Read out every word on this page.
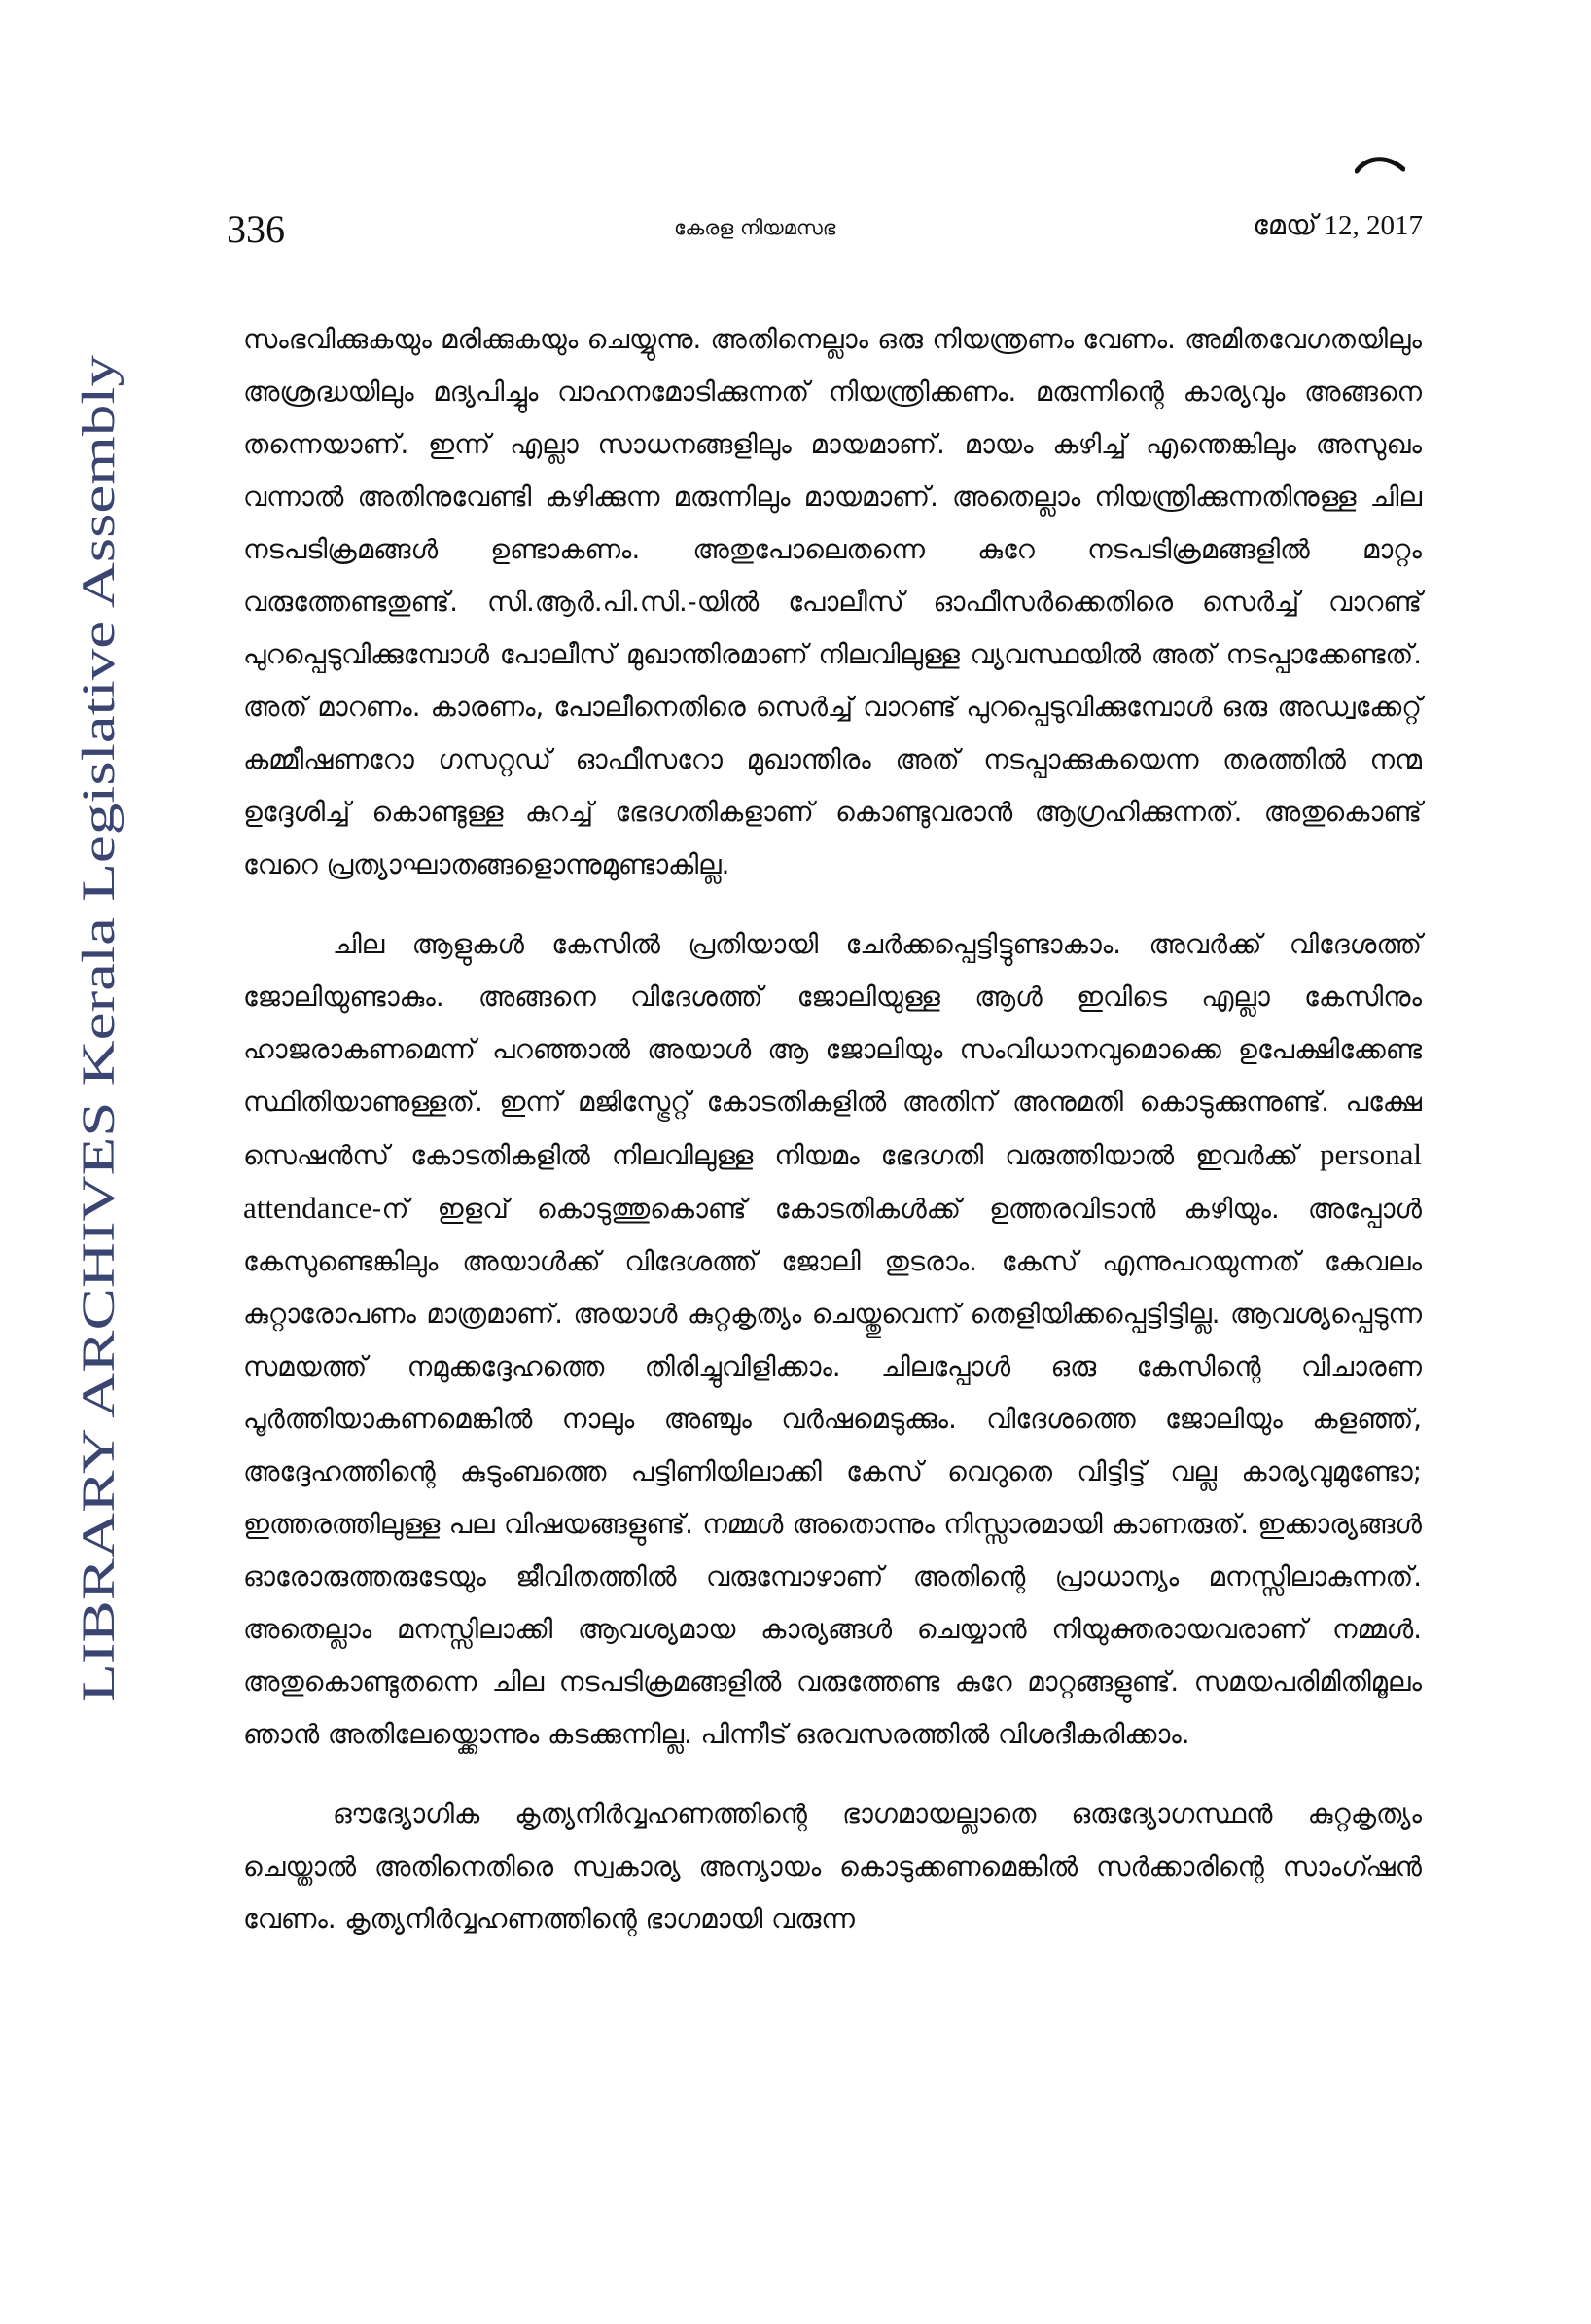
336	കേരള നിയമസഭ	മേയ് 12, 2017
LIBRARY ARCHIVES Kerala Legislative Assembly

സംഭവിക്കുകയും മരിക്കുകയും ചെയ്യുന്നു. അതിനെല്ലാം ഒരു നിയന്ത്രണം വേണം. അമിതവേഗതയിലും അശ്രദ്ധയിലും മദ്യപിച്ചും വാഹനമോടിക്കുന്നത് നിയന്ത്രിക്കണം. മരുന്നിന്റെ കാര്യവും അങ്ങനെ തന്നെയാണ്. ഇന്ന് എല്ലാ സാധനങ്ങളിലും മായമാണ്. മായം കഴിച്ച് എന്തെങ്കിലും അസുഖം വന്നാൽ അതിനുവേണ്ടി കഴിക്കുന്ന മരുന്നിലും മായമാണ്. അതെല്ലാം നിയന്ത്രിക്കുന്നതിനുള്ള ചില നടപടിക്രമങ്ങൾ ഉണ്ടാകണം. അതുപോലെതന്നെ കുറേ നടപടിക്രമങ്ങളിൽ മാറ്റം വരുത്തേണ്ടതുണ്ട്. സി.ആർ.പി.സി.-യിൽ പോലീസ് ഓഫീസർക്കെതിരെ സെർച്ച് വാറണ്ട് പുറപ്പെടുവിക്കുമ്പോൾ പോലീസ് മുഖാന്തിരമാണ് നിലവിലുള്ള വ്യവസ്ഥയിൽ അത് നടപ്പാക്കേണ്ടത്. അത് മാറണം. കാരണം, പോലീനെതിരെ സെർച്ച് വാറണ്ട് പുറപ്പെടുവിക്കുമ്പോൾ ഒരു അഡ്വക്കേറ്റ് കമ്മീഷണറോ ഗസറ്റഡ് ഓഫീസറോ മുഖാന്തിരം അത് നടപ്പാക്കുകയെന്ന തരത്തിൽ നന്മ ഉദ്ദേശിച്ച് കൊണ്ടുള്ള കുറച്ച് ഭേദഗതികളാണ് കൊണ്ടുവരാൻ ആഗ്രഹിക്കുന്നത്. അതുകൊണ്ട് വേറെ പ്രത്യാഘാതങ്ങളൊന്നുമുണ്ടാകില്ല.

ചില ആളുകൾ കേസിൽ പ്രതിയായി ചേർക്കപ്പെട്ടിട്ടുണ്ടാകാം. അവർക്ക് വിദേശത്ത് ജോലിയുണ്ടാകും. അങ്ങനെ വിദേശത്ത് ജോലിയുള്ള ആൾ ഇവിടെ എല്ലാ കേസിനും ഹാജരാകണമെന്ന് പറഞ്ഞാൽ അയാൾ ആ ജോലിയും സംവിധാനവുമൊക്കെ ഉപേക്ഷിക്കേണ്ട സ്ഥിതിയാണുള്ളത്. ഇന്ന് മജിസ്ട്രേറ്റ് കോടതികളിൽ അതിന് അനുമതി കൊടുക്കുന്നുണ്ട്. പക്ഷേ സെഷൻസ് കോടതികളിൽ നിലവിലുള്ള നിയമം ഭേദഗതി വരുത്തിയാൽ ഇവർക്ക് personal attendance-ന് ഇളവ് കൊടുത്തുകൊണ്ട് കോടതികൾക്ക് ഉത്തരവിടാൻ കഴിയും. അപ്പോൾ കേസുണ്ടെങ്കിലും അയാൾക്ക് വിദേശത്ത് ജോലി തുടരാം. കേസ് എന്നുപറയുന്നത് കേവലം കുറ്റാരോപണം മാത്രമാണ്. അയാൾ കുറ്റകൃത്യം ചെയ്തുവെന്ന് തെളിയിക്കപ്പെട്ടിട്ടില്ല. ആവശ്യപ്പെടുന്ന സമയത്ത് നമുക്കദ്ദേഹത്തെ തിരിച്ചുവിളിക്കാം. ചിലപ്പോൾ ഒരു കേസിന്റെ വിചാരണ പൂർത്തിയാകണമെങ്കിൽ നാലും അഞ്ചും വർഷമെടുക്കും. വിദേശത്തെ ജോലിയും കളഞ്ഞ്, അദ്ദേഹത്തിന്റെ കുടുംബത്തെ പട്ടിണിയിലാക്കി കേസ് വെറുതെ വിട്ടിട്ട് വല്ല കാര്യവുമുണ്ടോ; ഇത്തരത്തിലുള്ള പല വിഷയങ്ങളുണ്ട്. നമ്മൾ അതൊന്നും നിസ്സാരമായി കാണരുത്. ഇക്കാര്യങ്ങൾ ഓരോരുത്തരുടേയും ജീവിതത്തിൽ വരുമ്പോഴാണ് അതിന്റെ പ്രാധാന്യം മനസ്സിലാകുന്നത്. അതെല്ലാം മനസ്സിലാക്കി ആവശ്യമായ കാര്യങ്ങൾ ചെയ്യാൻ നിയുക്തരായവരാണ് നമ്മൾ. അതുകൊണ്ടുതന്നെ ചില നടപടിക്രമങ്ങളിൽ വരുത്തേണ്ട കുറേ മാറ്റങ്ങളുണ്ട്. സമയപരിമിതിമൂലം ഞാൻ അതിലേയ്ക്കൊന്നും കടക്കുന്നില്ല. പിന്നീട് ഒരവസരത്തിൽ വിശദീകരിക്കാം.

ഔദ്യോഗിക കൃത്യനിർവ്വഹണത്തിന്റെ ഭാഗമായല്ലാതെ ഒരുദ്യോഗസ്ഥൻ കുറ്റകൃത്യം ചെയ്താൽ അതിനെതിരെ സ്വകാര്യ അന്യായം കൊടുക്കണമെങ്കിൽ സർക്കാരിന്റെ സാംഗ്ഷൻ വേണം. കൃത്യനിർവ്വഹണത്തിന്റെ ഭാഗമായി വരുന്ന
